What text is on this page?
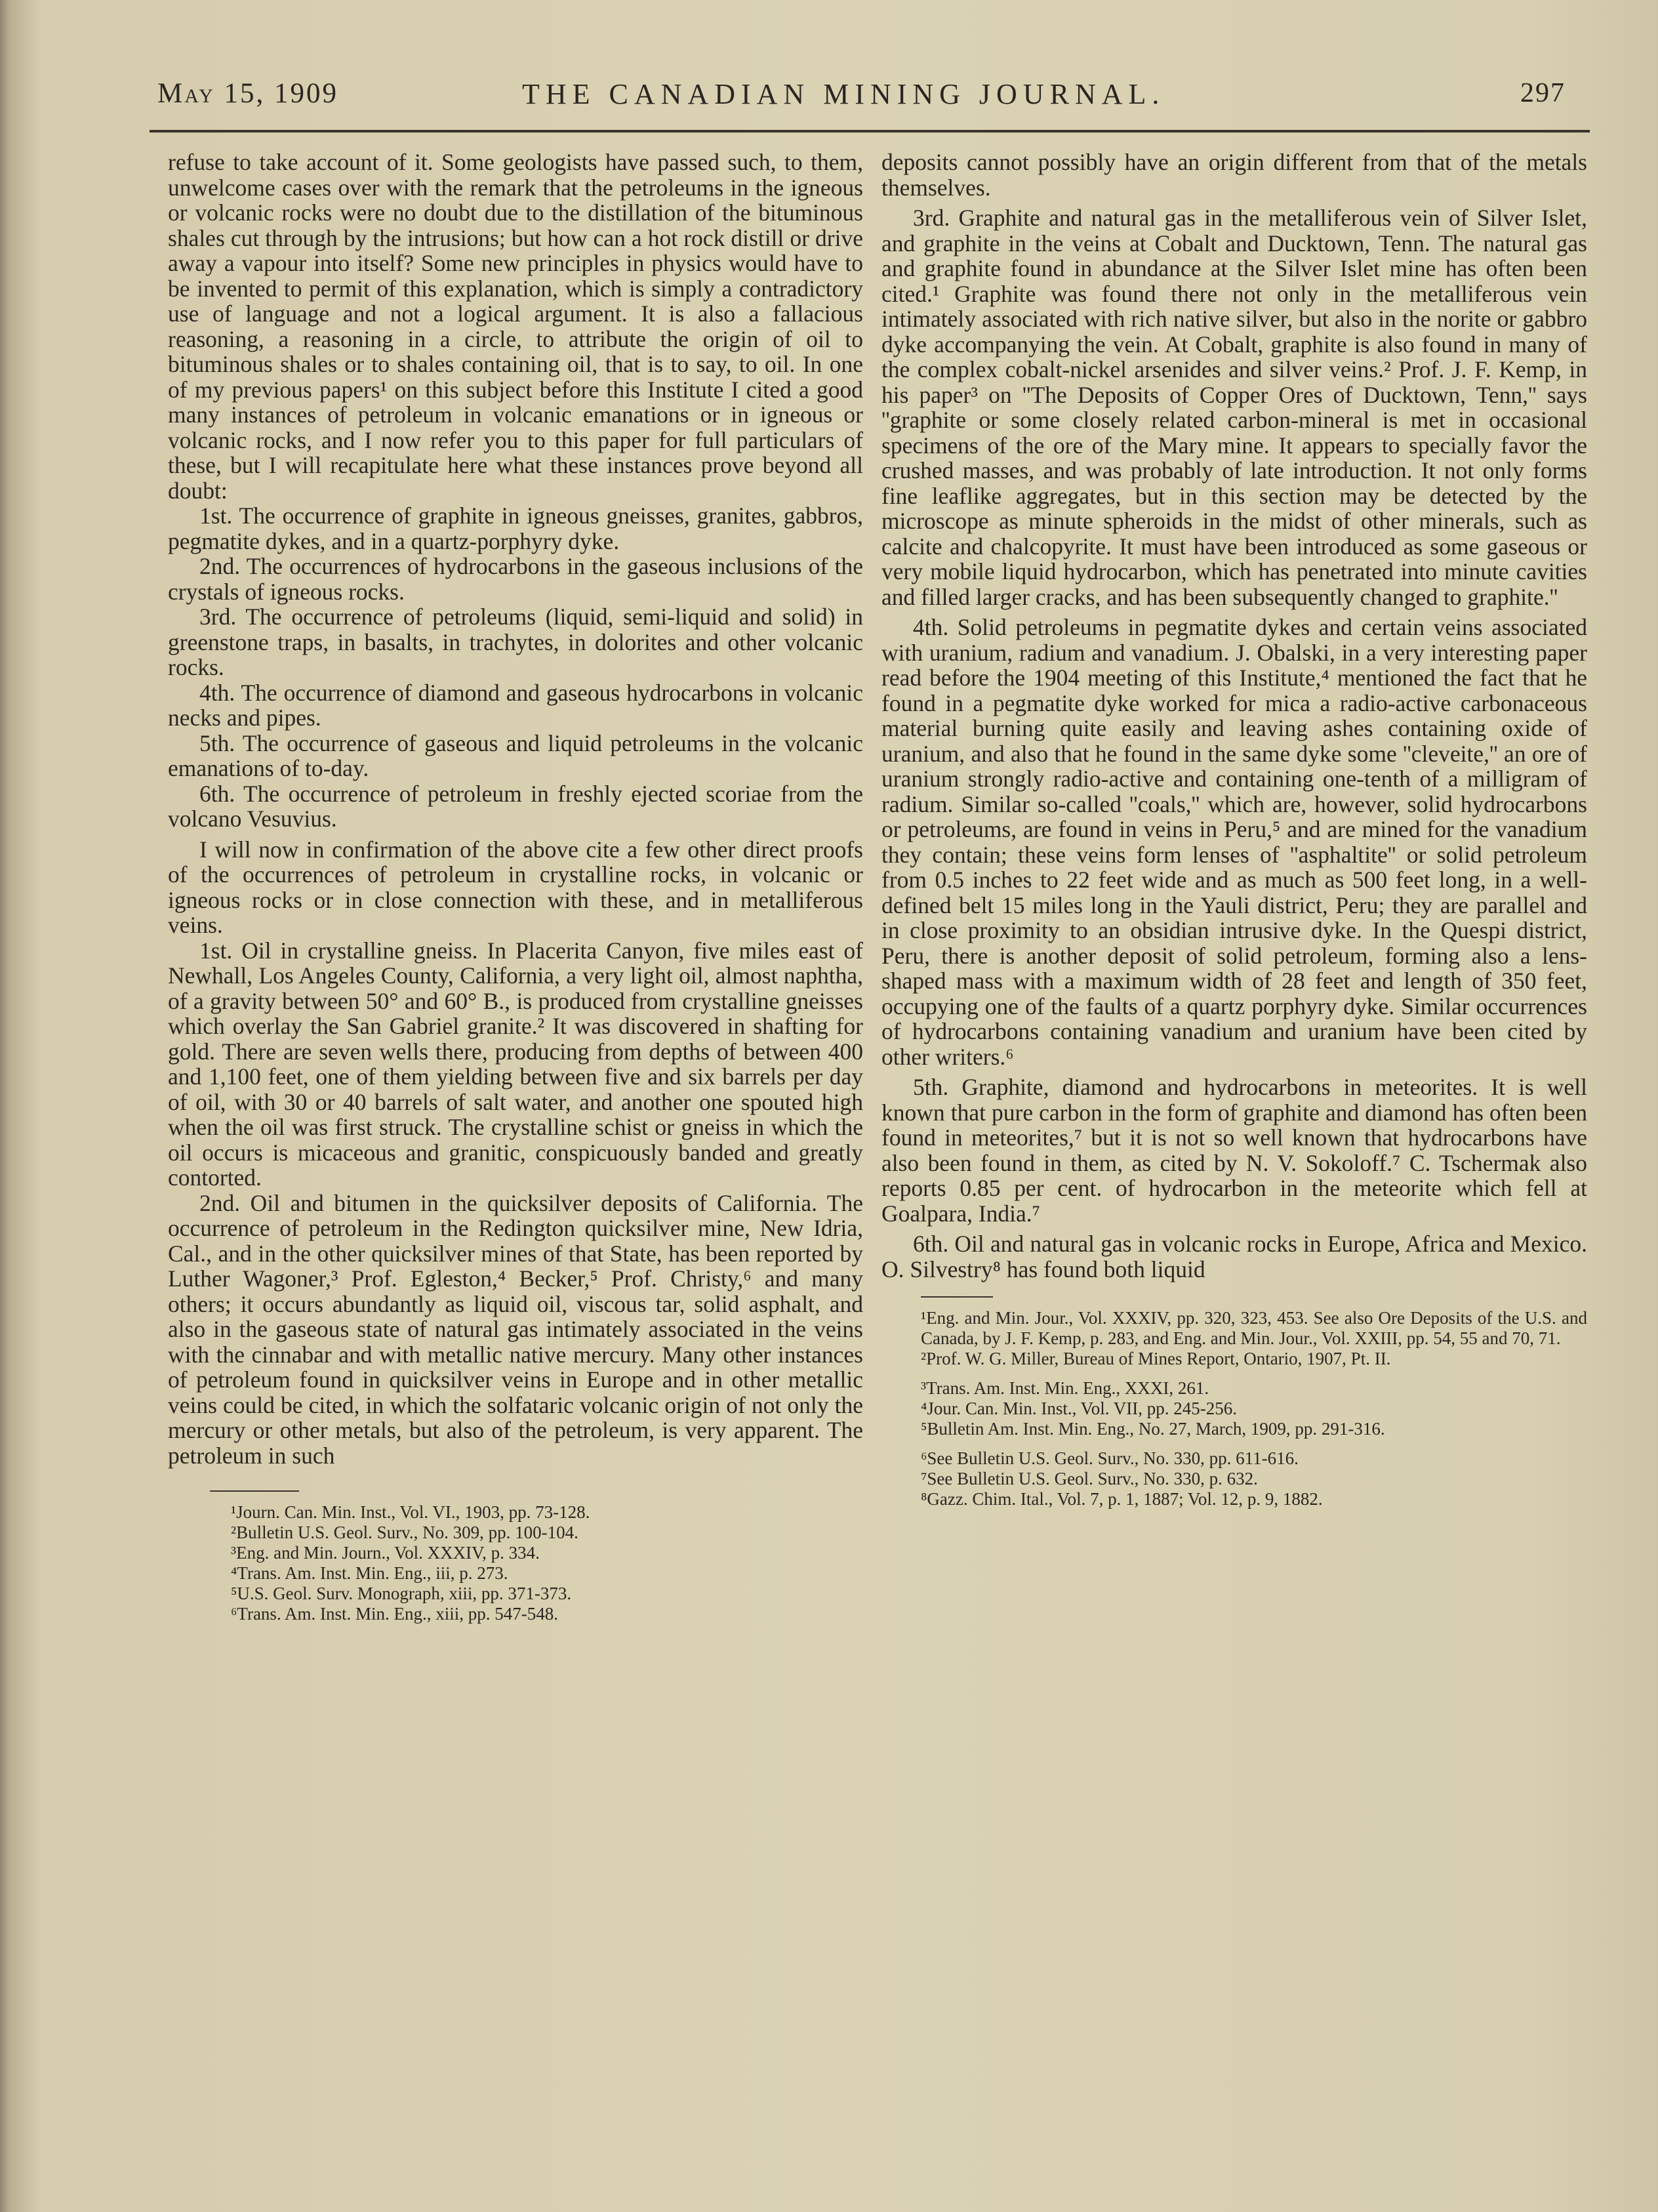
May 15, 1909	THE CANADIAN MINING JOURNAL.	297

refuse to take account of it. Some geologists have passed such, to them, unwelcome cases over with the remark that the petroleums in the igneous or volcanic rocks were no doubt due to the distillation of the bituminous shales cut through by the intrusions; but how can a hot rock distill or drive away a vapour into itself? Some new principles in physics would have to be invented to permit of this explanation, which is simply a contradictory use of language and not a logical argument. It is also a fallacious reasoning, a reasoning in a circle, to attribute the origin of oil to bituminous shales or to shales containing oil, that is to say, to oil. In one of my previous papers¹ on this subject before this Institute I cited a good many instances of petroleum in volcanic emanations or in igneous or volcanic rocks, and I now refer you to this paper for full particulars of these, but I will recapitulate here what these instances prove beyond all doubt:

1st. The occurrence of graphite in igneous gneisses, granites, gabbros, pegmatite dykes, and in a quartz-porphyry dyke.

2nd. The occurrences of hydrocarbons in the gaseous inclusions of the crystals of igneous rocks.

3rd. The occurrence of petroleums (liquid, semi-liquid and solid) in greenstone traps, in basalts, in trachytes, in dolorites and other volcanic rocks.

4th. The occurrence of diamond and gaseous hydrocarbons in volcanic necks and pipes.

5th. The occurrence of gaseous and liquid petroleums in the volcanic emanations of to-day.

6th. The occurrence of petroleum in freshly ejected scoriae from the volcano Vesuvius.

I will now in confirmation of the above cite a few other direct proofs of the occurrences of petroleum in crystalline rocks, in volcanic or igneous rocks or in close connection with these, and in metalliferous veins.

1st. Oil in crystalline gneiss. In Placerita Canyon, five miles east of Newhall, Los Angeles County, California, a very light oil, almost naphtha, of a gravity between 50° and 60° B., is produced from crystalline gneisses which overlay the San Gabriel granite.² It was discovered in shafting for gold. There are seven wells there, producing from depths of between 400 and 1,100 feet, one of them yielding between five and six barrels per day of oil, with 30 or 40 barrels of salt water, and another one spouted high when the oil was first struck. The crystalline schist or gneiss in which the oil occurs is micaceous and granitic, conspicuously banded and greatly contorted.

2nd. Oil and bitumen in the quicksilver deposits of California. The occurrence of petroleum in the Redington quicksilver mine, New Idria, Cal., and in the other quicksilver mines of that State, has been reported by Luther Wagoner,³ Prof. Egleston,⁴ Becker,⁵ Prof. Christy,⁶ and many others; it occurs abundantly as liquid oil, viscous tar, solid asphalt, and also in the gaseous state of natural gas intimately associated in the veins with the cinnabar and with metallic native mercury. Many other instances of petroleum found in quicksilver veins in Europe and in other metallic veins could be cited, in which the solfataric volcanic origin of not only the mercury or other metals, but also of the petroleum, is very apparent. The petroleum in such

¹Journ. Can. Min. Inst., Vol. VI., 1903, pp. 73-128.
²Bulletin U.S. Geol. Surv., No. 309, pp. 100-104.
³Eng. and Min. Journ., Vol. XXXIV, p. 334.
⁴Trans. Am. Inst. Min. Eng., iii, p. 273.
⁵U.S. Geol. Surv. Monograph, xiii, pp. 371-373.
⁶Trans. Am. Inst. Min. Eng., xiii, pp. 547-548.

deposits cannot possibly have an origin different from that of the metals themselves.

3rd. Graphite and natural gas in the metalliferous vein of Silver Islet, and graphite in the veins at Cobalt and Ducktown, Tenn. The natural gas and graphite found in abundance at the Silver Islet mine has often been cited.¹ Graphite was found there not only in the metalliferous vein intimately associated with rich native silver, but also in the norite or gabbro dyke accompanying the vein. At Cobalt, graphite is also found in many of the complex cobalt-nickel arsenides and silver veins.² Prof. J. F. Kemp, in his paper³ on ''The Deposits of Copper Ores of Ducktown, Tenn,'' says ''graphite or some closely related carbon-mineral is met in occasional specimens of the ore of the Mary mine. It appears to specially favor the crushed masses, and was probably of late introduction. It not only forms fine leaflike aggregates, but in this section may be detected by the microscope as minute spheroids in the midst of other minerals, such as calcite and chalcopyrite. It must have been introduced as some gaseous or very mobile liquid hydrocarbon, which has penetrated into minute cavities and filled larger cracks, and has been subsequently changed to graphite.''

4th. Solid petroleums in pegmatite dykes and certain veins associated with uranium, radium and vanadium. J. Obalski, in a very interesting paper read before the 1904 meeting of this Institute,⁴ mentioned the fact that he found in a pegmatite dyke worked for mica a radio-active carbonaceous material burning quite easily and leaving ashes containing oxide of uranium, and also that he found in the same dyke some ''cleveite,'' an ore of uranium strongly radio-active and containing one-tenth of a milligram of radium. Similar so-called ''coals,'' which are, however, solid hydrocarbons or petroleums, are found in veins in Peru,⁵ and are mined for the vanadium they contain; these veins form lenses of ''asphaltite'' or solid petroleum from 0.5 inches to 22 feet wide and as much as 500 feet long, in a well-defined belt 15 miles long in the Yauli district, Peru; they are parallel and in close proximity to an obsidian intrusive dyke. In the Quespi district, Peru, there is another deposit of solid petroleum, forming also a lens-shaped mass with a maximum width of 28 feet and length of 350 feet, occupying one of the faults of a quartz porphyry dyke. Similar occurrences of hydrocarbons containing vanadium and uranium have been cited by other writers.⁶

5th. Graphite, diamond and hydrocarbons in meteorites. It is well known that pure carbon in the form of graphite and diamond has often been found in meteorites,⁷ but it is not so well known that hydrocarbons have also been found in them, as cited by N. V. Sokoloff.⁷ C. Tschermak also reports 0.85 per cent. of hydrocarbon in the meteorite which fell at Goalpara, India.⁷

6th. Oil and natural gas in volcanic rocks in Europe, Africa and Mexico. O. Silvestry⁸ has found both liquid

¹Eng. and Min. Jour., Vol. XXXIV, pp. 320, 323, 453. See also Ore Deposits of the U.S. and Canada, by J. F. Kemp, p. 283, and Eng. and Min. Jour., Vol. XXIII, pp. 54, 55 and 70, 71.
²Prof. W. G. Miller, Bureau of Mines Report, Ontario, 1907, Pt. II.
³Trans. Am. Inst. Min. Eng., XXXI, 261.
⁴Jour. Can. Min. Inst., Vol. VII, pp. 245-256.
⁵Bulletin Am. Inst. Min. Eng., No. 27, March, 1909, pp. 291-316.
⁶See Bulletin U.S. Geol. Surv., No. 330, pp. 611-616.
⁷See Bulletin U.S. Geol. Surv., No. 330, p. 632.
⁸Gazz. Chim. Ital., Vol. 7, p. 1, 1887; Vol. 12, p. 9, 1882.
